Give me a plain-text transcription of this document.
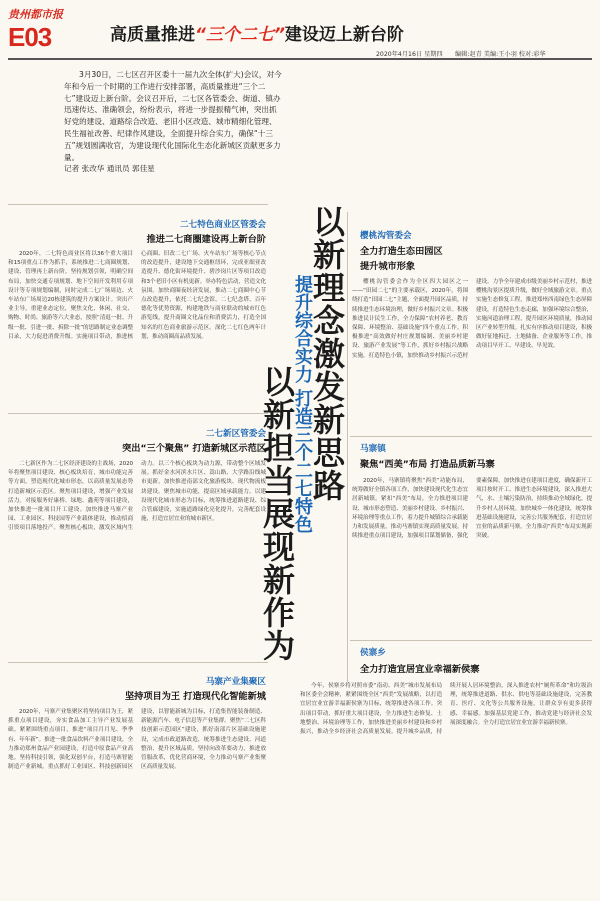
贵州都市报
E03	高质量推进“三个二七”建设迈上新台阶
2020年4月16日 星期四 编辑:赵青 美编:王小羽 校对:彩华
3月30日，二七区召开区委十一届九次全体(扩大)会议，对今年和今后一个时期的工作进行安排部署，高质量推进“三个二七”建设迈上新台阶。会议召开后，二七区各管委会、街道、镇办迅速传达、准确领会，纷纷表示，将进一步提振精气神，突出抓好党的建设、道路综合改造、老旧小区改造、城市精细化管理、民生福祉改善、纪律作风建设，全面提升综合实力，确保“十三五”规划圆满收官，为建设现代化国际化生态化新城区贡献更多力量。
记者 张改华 通讯员 郭佳星
二七特色商业区管委会
推进二七商圈建设再上新台阶
2020年，二七特色商业区将以36个重大项目和15项重点工作为抓手，系统推进二七商圈规划、建设、管理再上新台阶。坚持规划引领，明确空间布局，加快交通专项规划、地下空间开发利用专项设计等专项规划编制，同时完成二七广场周边、火车站东广场周边20栋建筑的提升方案设计。突出产业主导，重建业态定位，聚焦文化、休闲、社交、购物、时尚、旅游等六大业态，按照“清退一批、升级一批、引进一批、拆除一批”的思路制定业态调整目录，大力促进消费升级。实施项目带动，推进核心商圈、旧改二七广场、火车站东广场等核心节点的改造提升，建设地下交通枢纽环，完成亚细亚改造提升、德化街环境提升、碧沙岗片区等项目改造和3个老旧小区有机更新。举办特色活动，营造文化氛围。加快商圈夜经济发展，推动二七商圈中心节点改造提升，依托二七纪念馆、二七纪念塔、百年德化等优势资源，构建地铁与商业联动的城市红色游览线，提升商圈文化品位和消费活力，打造全国知名的红色商业旅游示范区。深化二七红色两年计划，推动商圈高品质发展。
二七新区管委会
突出“三个聚焦” 打造新城区示范区
二七新区作为二七区经济建设的主战场，2020年将聚焦项目建设、核心板块培育，城市功能完善等方面，塑造现代化城市形态，以高质量发展态势打造新城区示范区。聚焦项目建设，增强产业发展活力。对接服务好康桥、绿地、鑫苑等项目建设，加快推进一批项目开工建设。加快推进马寨产业园、工业园区、科技园等产业载体建设，推动招商引资项目落地投产。聚焦核心板块，激发区域内生动力。以三个核心板块为动力源，带动整个区域发展。抓好金水河滨水片区、嵩山路、大学路沿线城市更新，加快推进南部文化旅游板块、现代物流板块建设。聚焦城市功能，提高区域承载能力。以建设现代化城市形态为目标，统筹推进道路建设、综合管廊建设，实施道路绿化亮化提升，完善配套设施，打造宜居宜业的城市新区。
马寨产业集聚区
坚持项目为王 打造现代化智能新城
2020年，马寨产业集聚区将坚持项目为王，紧抓重点项目建设，夯实食品加工主导产业发展基础。紧紧围绕重点项目，推进“项目月月见、季季有、年年新”。推进一批食品饮料产业项目建设，全力推动郑州食品产业园建设，打造中原食品产业高地。坚持科技引领，强化双创平台，打造马寨智能制造产业新城。重点抓好工业园区、科技创新园区建设，以智能新城为目标，打造集智能装备制造、新能源汽车、电子信息等产业集群。聚焦“二七区科技创新示范园区”建设，抓好南部片区基础设施建设，完成市政道路改造，统筹推进生态建设、河道整治，提升区域品质。坚持向改革要动力，推进放管服改革，优化营商环境，全力推动马寨产业集聚区高质量发展。
以新理念激发新思路
提升综合实力 打造三个二七特色
以新担当展现新作为
樱桃沟管委会
全力打造生态田园区
提升城市形象
樱桃沟管委会作为全区四大园区之一——“田园二七”的主要承载区，2020年，将围绕打造“田园二七”主题，全面提升园区品质，持续推进生态环境治理，做好乡村振兴文章。积极推进民计民生工作，全力保障“农村养老、教育保障、环境整治、基础设施”四个重点工作。积极推进“高效做好村庄规划编制、美丽乡村建设、旅游产业发展”等工作，抓好乡村振兴战略实施，打造特色小镇，加快推动乡村振兴示范村建设。力争全年建成市级美丽乡村示范村，推进樱桃沟景区提质升级，做好全域旅游文章。重点实施生态修复工程，推进郑州西南绿色生态屏障建设，打造特色生态走廊，加强环境综合整治，实施河道治理工程，提升园区环境质量，推动园区产业转型升级。扎实有序推动项目建设，积极做好征地拆迁、土地储备、企业服务等工作，推动项目早开工、早建设、早见效。
马寨镇
聚焦“西美”布局 打造品质新马寨
2020年，马寨镇将聚焦“西美”功能布局，统筹做好全镇各项工作，加快建设现代化生态宜居新城镇。紧扣“西美”布局，全力推进项目建设、城市形态塑造、美丽乡村建设、乡村振兴、环境治理等重点工作，着力提升城镇综合承载能力和发展质量，推动马寨镇实现高质量发展。持续推进重点项目建设，加强项目谋划储备，强化要素保障，加快推进在建项目进度，确保新开工项目按时开工。推进生态环境建设，深入推进大气、水、土壤污染防治，持续推动全域绿化，提升乡村人居环境。加快城乡一体化建设，统筹推进基础设施建设，完善公共服务配套，打造宜居宜业的品质新马寨，全力推动“西美”布局实现新突破。
侯寨乡
全力打造宜居宜业幸福新侯寨
今年，侯寨乡将对照市委“南动、西美”城市发展布局和区委全会精神，紧紧围绕全区“西美”发展战略，以打造宜居宜业宜游幸福新侯寨为目标，统筹推进各项工作。突出项目带动，抓好重大项目建设，全力推进生态修复、土地整治、环境治理等工作，加快推进美丽乡村建设和乡村振兴，推动全乡经济社会高质量发展。提升城乡品质，持续开展人居环境整治，深入推进农村“厕所革命”和垃圾治理，统筹推进道路、供水、供电等基础设施建设，完善教育、医疗、文化等公共服务设施，让群众享有更多获得感、幸福感。加强基层党建工作，推动党建与经济社会发展深度融合。全力打造宜居宜业宜游幸福新侯寨。
